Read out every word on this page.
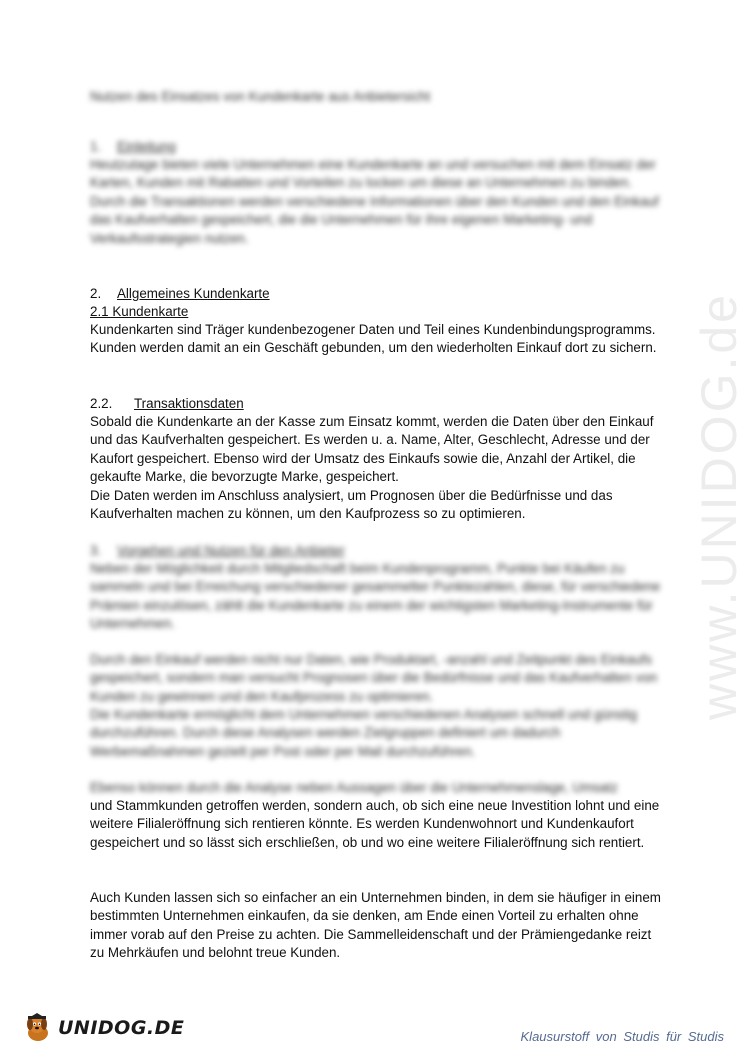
www.UNIDOG.de

Nutzen des Einsatzes von Kundenkarte aus Anbietersicht

1. Einleitung

Heutzutage bieten viele Unternehmen eine Kundenkarte an und versuchen mit dem Einsatz der Karten, Kunden mit Rabatten und Vorteilen zu locken um diese an Unternehmen zu binden. Durch die Transaktionen werden verschiedene Informationen über den Kunden und den Einkauf das Kaufverhalten gespeichert, die die Unternehmen für ihre eigenen Marketing- und Verkaufsstrategien nutzen.

2. Allgemeines Kundenkarte
2.1 Kundenkarte

Kundenkarten sind Träger kundenbezogener Daten und Teil eines Kundenbindungsprogramms. Kunden werden damit an ein Geschäft gebunden, um den wiederholten Einkauf dort zu sichern.

2.2. Transaktionsdaten

Sobald die Kundenkarte an der Kasse zum Einsatz kommt, werden die Daten über den Einkauf und das Kaufverhalten gespeichert. Es werden u. a. Name, Alter, Geschlecht, Adresse und der Kaufort gespeichert. Ebenso wird der Umsatz des Einkaufs sowie die, Anzahl der Artikel, die gekaufte Marke, die bevorzugte Marke, gespeichert.

Die Daten werden im Anschluss analysiert, um Prognosen über die Bedürfnisse und das Kaufverhalten machen zu können, um den Kaufprozess so zu optimieren.

3. Vorgehen und Nutzen für den Anbieter

Neben der Möglichkeit durch Mitgliedschaft beim Kundenprogramm, Punkte bei Käufen zu sammeln und bei Erreichung verschiedener gesammelter Punktezahlen, diese, für verschiedene Prämien einzulösen, zählt die Kundenkarte zu einem der wichtigsten Marketing-Instrumente für Unternehmen.

Durch den Einkauf werden nicht nur Daten, wie Produktart, -anzahl und Zeitpunkt des Einkaufs gespeichert, sondern man versucht Prognosen über die Bedürfnisse und das Kaufverhalten von Kunden zu gewinnen und den Kaufprozess zu optimieren.

Die Kundenkarte ermöglicht dem Unternehmen verschiedenen Analysen schnell und günstig durchzuführen. Durch diese Analysen werden Zielgruppen definiert um dadurch Werbemaßnahmen gezielt per Post oder per Mail durchzuführen.

Ebenso können durch die Analyse neben Aussagen über die Unternehmenslage, Umsatz

und Stammkunden getroffen werden, sondern auch, ob sich eine neue Investition lohnt und eine weitere Filialeröffnung sich rentieren könnte. Es werden Kundenwohnort und Kundenkaufort gespeichert und so lässt sich erschließen, ob und wo eine weitere Filialeröffnung sich rentiert.

Auch Kunden lassen sich so einfacher an ein Unternehmen binden, in dem sie häufiger in einem bestimmten Unternehmen einkaufen, da sie denken, am Ende einen Vorteil zu erhalten ohne immer vorab auf den Preise zu achten. Die Sammelleidenschaft und der Prämiengedanke reizt zu Mehrkäufen und belohnt treue Kunden.

UNIDOG.DE	Klausurstoff von Studis für Studis
